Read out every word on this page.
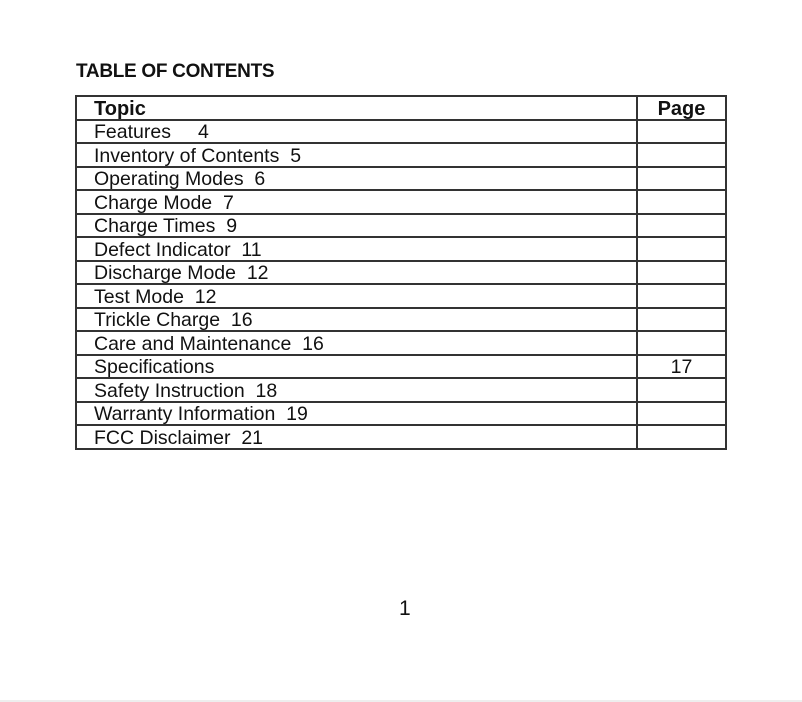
TABLE OF CONTENTS
Topic	Page
Features     4	
Inventory of Contents  5	
Operating Modes  6	
Charge Mode  7	
Charge Times  9	
Defect Indicator  11	
Discharge Mode  12	
Test Mode  12	
Trickle Charge  16	
Care and Maintenance  16	
Specifications	17
Safety Instruction  18	
Warranty Information  19	
FCC Disclaimer  21	
1
